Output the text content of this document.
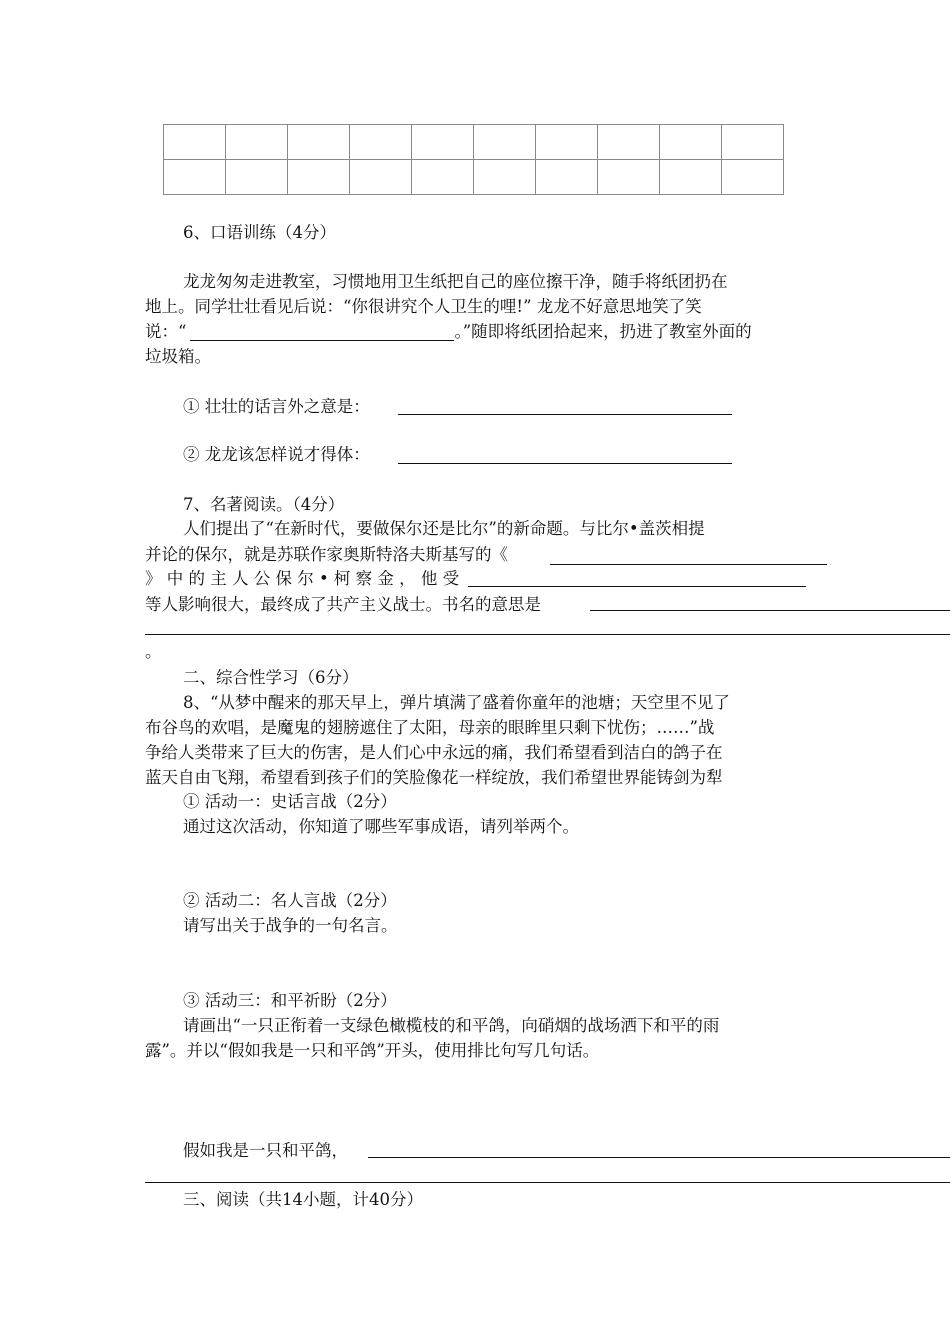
6、口语训练（4分）
龙龙匆匆走进教室，习惯地用卫生纸把自己的座位擦干净，随手将纸团扔在
地上。同学壮壮看见后说：“你很讲究个人卫生的哩!” 龙龙不好意思地笑了笑
说：“	。”随即将纸团拾起来，扔进了教室外面的
垃圾箱。
① 壮壮的话言外之意是：
② 龙龙该怎样说才得体：
7、名著阅读。（4分）
人们提出了“在新时代，要做保尔还是比尔”的新命题。与比尔•盖茨相提
并论的保尔，就是苏联作家奥斯特洛夫斯基写的《
》 中 的 主 人 公 保 尔 • 柯 察 金 ， 他 受
等人影响很大，最终成了共产主义战士。书名的意思是
。
二、综合性学习（6分）
8、“从梦中醒来的那天早上，弹片填满了盛着你童年的池塘；天空里不见了
布谷鸟的欢唱，是魔鬼的翅膀遮住了太阳，母亲的眼眸里只剩下忧伤；……”战
争给人类带来了巨大的伤害，是人们心中永远的痛，我们希望看到洁白的鸽子在
蓝天自由飞翔，希望看到孩子们的笑脸像花一样绽放，我们希望世界能铸剑为犁
① 活动一：史话言战（2分）
通过这次活动，你知道了哪些军事成语，请列举两个。
② 活动二：名人言战（2分）
请写出关于战争的一句名言。
③ 活动三：和平祈盼（2分）
请画出“一只正衔着一支绿色橄榄枝的和平鸽，向硝烟的战场洒下和平的雨
露”。并以“假如我是一只和平鸽”开头，使用排比句写几句话。
假如我是一只和平鸽，
三、阅读（共14小题，计40分）
